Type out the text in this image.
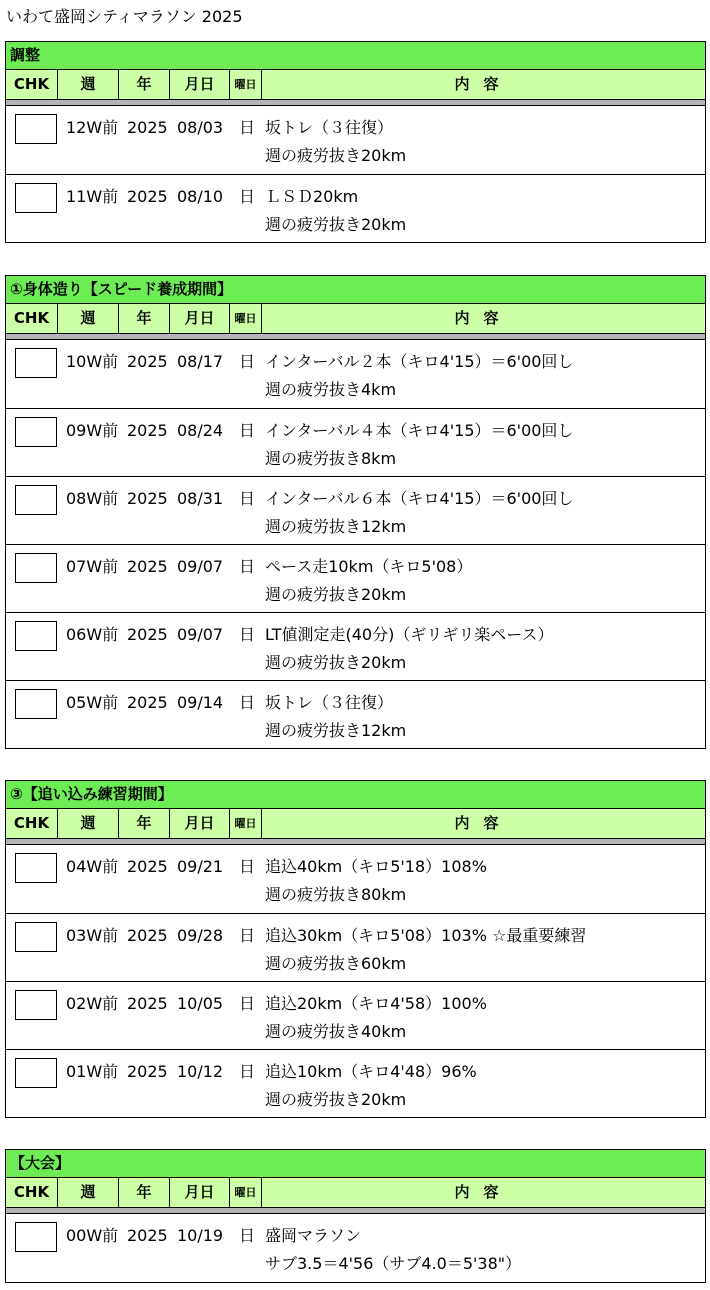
いわて盛岡シティマラソン 2025
調整
CHK	週	年	月日	曜日	内容
12W前 2025 08/03 日 坂トレ（３往復）
週の疲労抜き20km
11W前 2025 08/10 日 ＬＳＤ20km
週の疲労抜き20km
①身体造り【スピード養成期間】
CHK	週	年	月日	曜日	内容
10W前 2025 08/17 日 インターバル２本（キロ4'15）＝6'00回し
週の疲労抜き4km
09W前 2025 08/24 日 インターバル４本（キロ4'15）＝6'00回し
週の疲労抜き8km
08W前 2025 08/31 日 インターバル６本（キロ4'15）＝6'00回し
週の疲労抜き12km
07W前 2025 09/07 日 ペース走10km（キロ5'08）
週の疲労抜き20km
06W前 2025 09/07 日 LT値測定走(40分)（ギリギリ楽ペース）
週の疲労抜き20km
05W前 2025 09/14 日 坂トレ（３往復）
週の疲労抜き12km
③【追い込み練習期間】
CHK	週	年	月日	曜日	内容
04W前 2025 09/21 日 追込40km（キロ5'18）108%
週の疲労抜き80km
03W前 2025 09/28 日 追込30km（キロ5'08）103% ☆最重要練習
週の疲労抜き60km
02W前 2025 10/05 日 追込20km（キロ4'58）100%
週の疲労抜き40km
01W前 2025 10/12 日 追込10km（キロ4'48）96%
週の疲労抜き20km
【大会】
CHK	週	年	月日	曜日	内容
00W前 2025 10/19 日 盛岡マラソン
サブ3.5＝4'56（サブ4.0＝5'38"）
